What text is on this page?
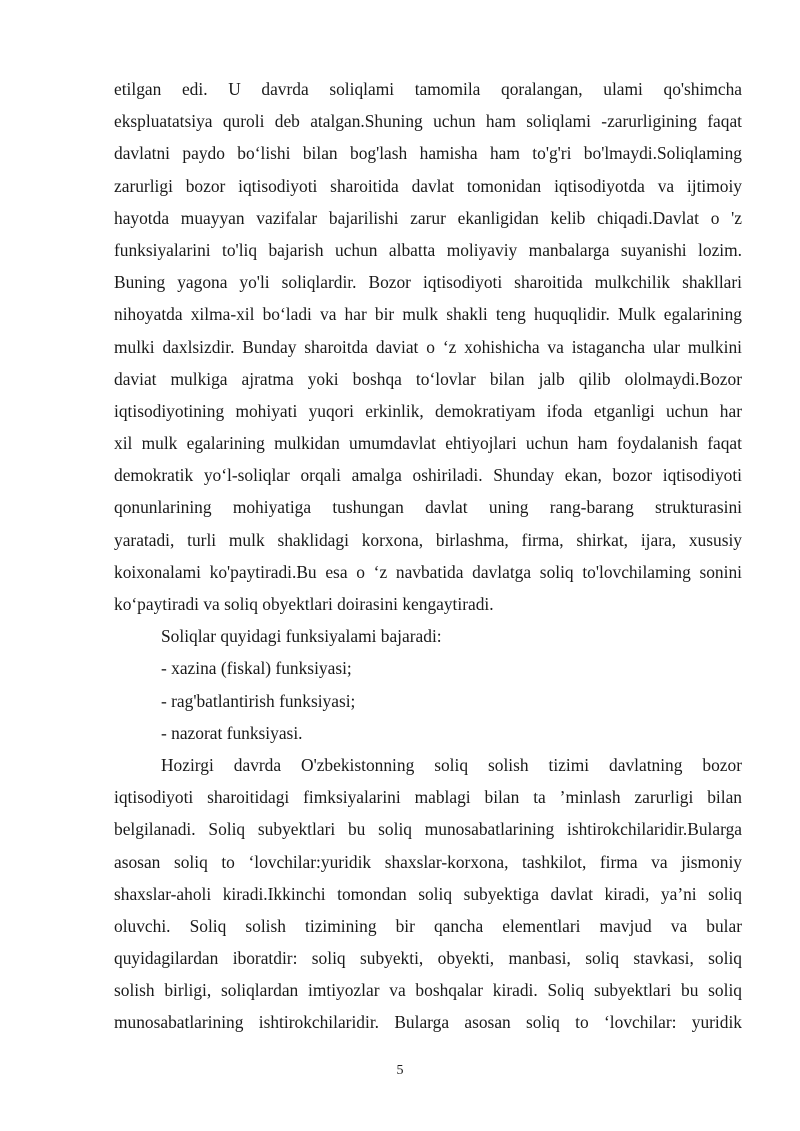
etilgan edi. U davrda soliqlami tamomila qoralangan, ulami qo'shimcha
ekspluatatsiya quroli deb atalgan.Shuning uchun ham soliqlami -zarurligining faqat
davlatni paydo bo‘lishi bilan bog'lash hamisha ham to'g'ri bo'lmaydi.Soliqlaming
zarurligi bozor iqtisodiyoti sharoitida davlat tomonidan iqtisodiyotda va ijtimoiy
hayotda muayyan vazifalar bajarilishi zarur ekanligidan kelib chiqadi.Davlat o 'z
funksiyalarini to'liq bajarish uchun albatta moliyaviy manbalarga suyanishi lozim.
Buning yagona yo'li soliqlardir. Bozor iqtisodiyoti sharoitida mulkchilik shakllari
nihoyatda xilma-xil bo‘ladi va har bir mulk shakli teng huquqlidir. Mulk egalarining
mulki daxlsizdir. Bunday sharoitda daviat o ‘z xohishicha va istagancha ular mulkini
daviat mulkiga ajratma yoki boshqa to‘lovlar bilan jalb qilib ololmaydi.Bozor
iqtisodiyotining mohiyati yuqori erkinlik, demokratiyam ifoda etganligi uchun har
xil mulk egalarining mulkidan umumdavlat ehtiyojlari uchun ham foydalanish faqat
demokratik yo‘l-soliqlar orqali amalga oshiriladi. Shunday ekan, bozor iqtisodiyoti
qonunlarining mohiyatiga tushungan davlat uning rang-barang strukturasini
yaratadi, turli mulk shaklidagi korxona, birlashma, firma, shirkat, ijara, xususiy
koixonalami ko'paytiradi.Bu esa o ‘z navbatida davlatga soliq to'lovchilaming sonini
ko‘paytiradi va soliq obyektlari doirasini kengaytiradi.
Soliqlar quyidagi funksiyalami bajaradi:
- xazina (fiskal) funksiyasi;
- rag'batlantirish funksiyasi;
- nazorat funksiyasi.
Hozirgi davrda O'zbekistonning soliq solish tizimi davlatning bozor
iqtisodiyoti sharoitidagi fimksiyalarini mablagi bilan ta ’minlash zarurligi bilan
belgilanadi. Soliq subyektlari bu soliq munosabatlarining ishtirokchilaridir.Bularga
asosan soliq to ‘lovchilar:yuridik shaxslar-korxona, tashkilot, firma va jismoniy
shaxslar-aholi kiradi.Ikkinchi tomondan soliq subyektiga davlat kiradi, ya’ni soliq
oluvchi. Soliq solish tizimining bir qancha elementlari mavjud va bular
quyidagilardan iboratdir: soliq subyekti, obyekti, manbasi, soliq stavkasi, soliq
solish birligi, soliqlardan imtiyozlar va boshqalar kiradi. Soliq subyektlari bu soliq
munosabatlarining ishtirokchilaridir. Bularga asosan soliq to ‘lovchilar: yuridik
5
